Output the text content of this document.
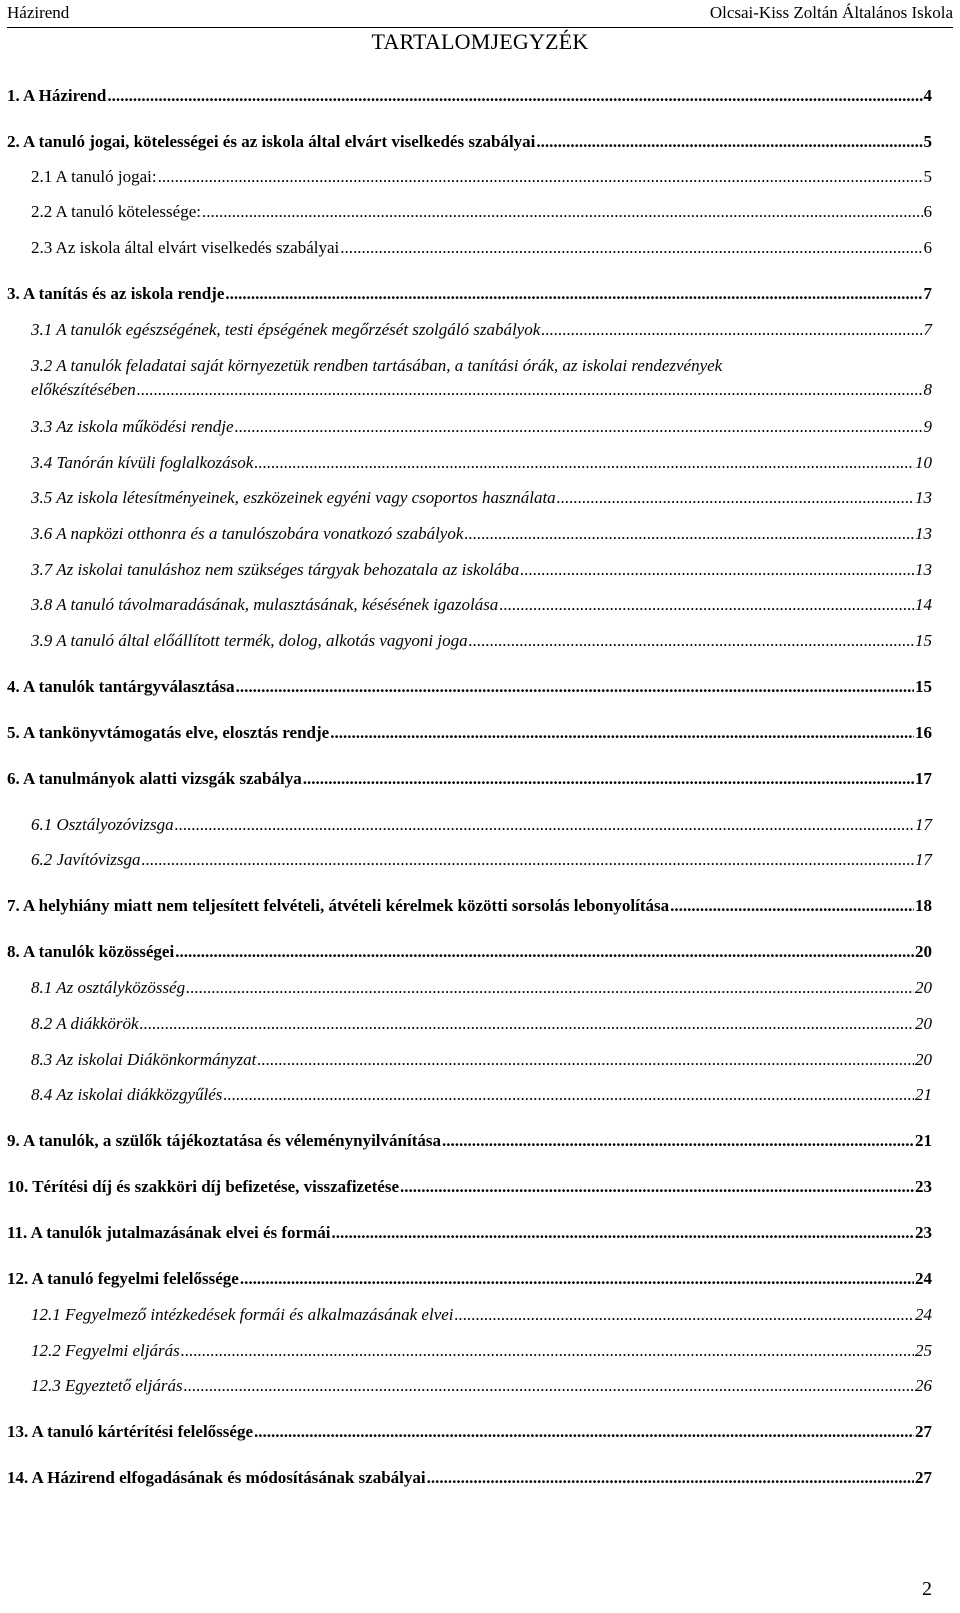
Házirend	Olcsai-Kiss Zoltán Általános Iskola
TARTALOMJEGYZÉK
1. A Házirend .....	4
2. A tanuló jogai, kötelességei és az iskola által elvárt viselkedés szabályai .....	5
2.1 A tanuló jogai: .....	5
2.2 A tanuló kötelessége: .....	6
2.3 Az iskola által elvárt viselkedés szabályai .....	6
3. A tanítás és az iskola rendje .....	7
3.1 A tanulók egészségének, testi épségének megőrzését szolgáló szabályok .....	7
3.2 A tanulók feladatai saját környezetük rendben tartásában, a tanítási órák, az iskolai rendezvények
előkészítésében .....	8
3.3 Az iskola működési rendje .....	9
3.4 Tanórán kívüli foglalkozások .....	10
3.5 Az iskola létesítményeinek, eszközeinek egyéni vagy csoportos használata .....	13
3.6 A napközi otthonra és a tanulószobára vonatkozó szabályok .....	13
3.7 Az iskolai tanuláshoz nem szükséges tárgyak behozatala az iskolába .....	13
3.8 A tanuló távolmaradásának, mulasztásának, késésének igazolása .....	14
3.9 A tanuló által előállított termék, dolog, alkotás vagyoni joga .....	15
4. A tanulók tantárgyválasztása .....	15
5. A tankönyvtámogatás elve, elosztás rendje .....	16
6. A tanulmányok alatti vizsgák szabálya .....	17
6.1 Osztályozóvizsga .....	17
6.2 Javítóvizsga .....	17
7. A helyhiány miatt nem teljesített felvételi, átvételi kérelmek közötti sorsolás lebonyolítása .....	18
8. A tanulók közösségei .....	20
8.1 Az osztályközösség .....	20
8.2 A diákkörök .....	20
8.3 Az iskolai Diákönkormányzat .....	20
8.4 Az iskolai diákközgyűlés .....	21
9. A tanulók, a szülők tájékoztatása és véleménynyilvánítása .....	21
10. Térítési díj és szakköri díj befizetése, visszafizetése .....	23
11. A tanulók jutalmazásának elvei és formái .....	23
12. A tanuló fegyelmi felelőssége .....	24
12.1 Fegyelmező intézkedések formái és alkalmazásának elvei .....	24
12.2 Fegyelmi eljárás .....	25
12.3 Egyeztető eljárás .....	26
13. A tanuló kártérítési felelőssége .....	27
14. A Házirend elfogadásának és módosításának szabályai .....	27
2
